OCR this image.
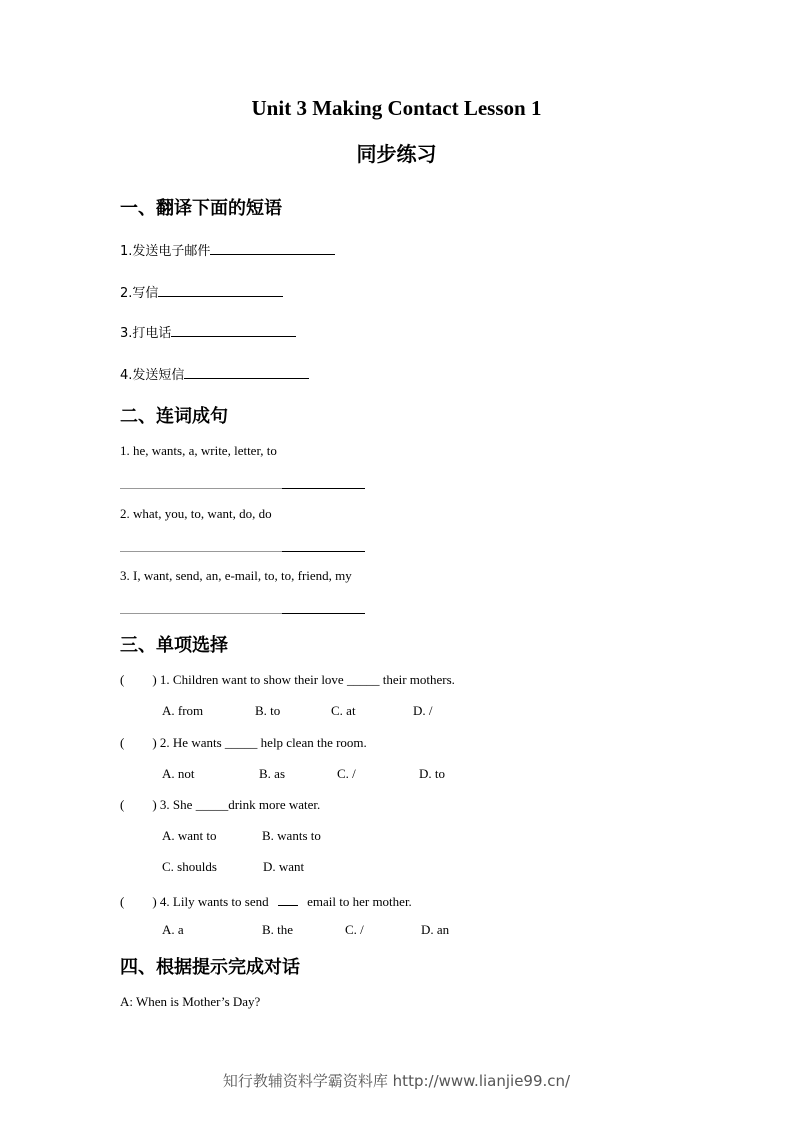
Unit 3 Making Contact Lesson 1
同步练习
一、翻译下面的短语
1.发送电子邮件
2.写信
3.打电话
4.发送短信
二、连词成句
1. he, wants, a, write, letter, to
2. what, you, to, want, do, do
3. I, want, send, an, e-mail, to, to, friend, my
三、单项选择
( ) 1. Children want to show their love _____ their mothers.
A. from	B. to	C. at	D. /
( ) 2. He wants _____ help clean the room.
A. not	B. as	C. /	D. to
( ) 3. She _____drink more water.
A. want to	B. wants to
C. shoulds	D. want
( ) 4. Lily wants to send  email to her mother.
A. a	B. the	C. /	D. an
四、根据提示完成对话
A: When is Mother’s Day?
知行教辅资料学霸资料库 http://www.lianjie99.cn/
